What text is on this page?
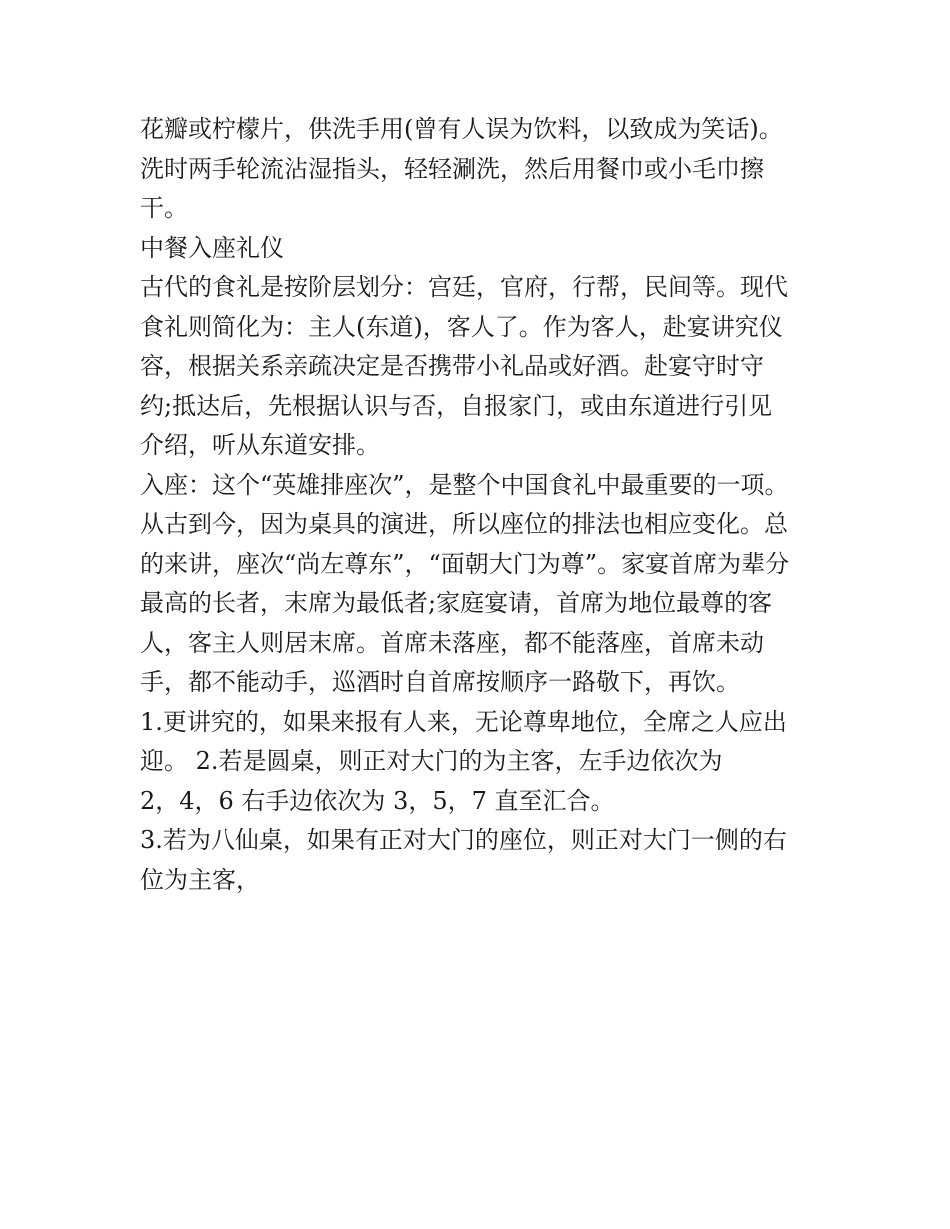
花瓣或柠檬片，供洗手用(曾有人误为饮料，以致成为笑话)。
洗时两手轮流沾湿指头，轻轻涮洗，然后用餐巾或小毛巾擦
干。
中餐入座礼仪
古代的食礼是按阶层划分：宫廷，官府，行帮，民间等。现代
食礼则简化为：主人(东道)，客人了。作为客人，赴宴讲究仪
容，根据关系亲疏决定是否携带小礼品或好酒。赴宴守时守
约;抵达后，先根据认识与否，自报家门，或由东道进行引见
介绍，听从东道安排。
入座：这个“英雄排座次”，是整个中国食礼中最重要的一项。
从古到今，因为桌具的演进，所以座位的排法也相应变化。总
的来讲，座次“尚左尊东”，“面朝大门为尊”。家宴首席为辈分
最高的长者，末席为最低者;家庭宴请，首席为地位最尊的客
人，客主人则居末席。首席未落座，都不能落座，首席未动
手，都不能动手，巡酒时自首席按顺序一路敬下，再饮。
1.更讲究的，如果来报有人来，无论尊卑地位，全席之人应出
迎。 2.若是圆桌，则正对大门的为主客，左手边依次为
2，4，6 右手边依次为 3，5，7 直至汇合。
3.若为八仙桌，如果有正对大门的座位，则正对大门一侧的右
位为主客，
